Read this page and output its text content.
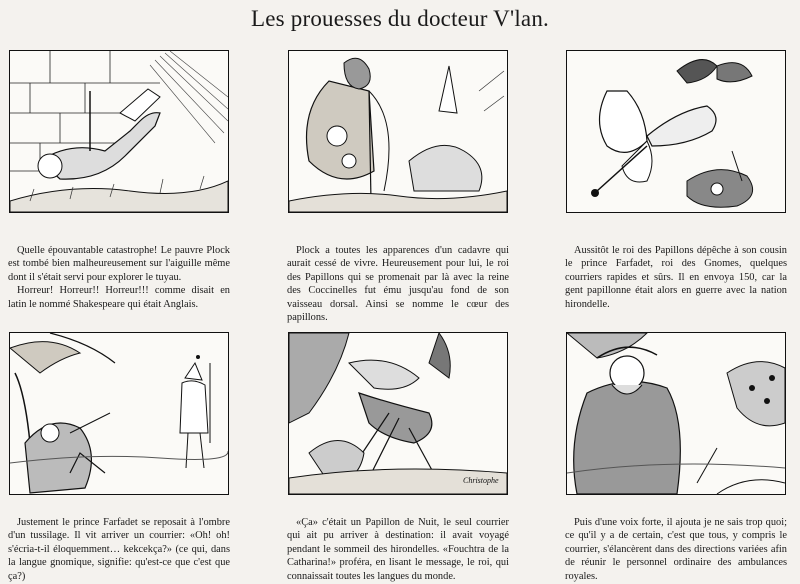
Les prouesses du docteur V'lan.
Christophe

Quelle épouvantable catastrophe! Le pauvre Plock est tombé bien malheureusement sur l'aiguille même dont il s'était servi pour explorer le tuyau.

Horreur! Horreur!! Horreur!!! comme disait en latin le nommé Shakespeare qui était Anglais.

Plock a toutes les apparences d'un cadavre qui aurait cessé de vivre. Heureusement pour lui, le roi des Papillons qui se promenait par là avec la reine des Coccinelles fut ému jusqu'au fond de son vaisseau dorsal. Ainsi se nomme le cœur des papillons.

Aussitôt le roi des Papillons dépêche à son cousin le prince Farfadet, roi des Gnomes, quelques courriers rapides et sûrs. Il en envoya 150, car la gent papillonne était alors en guerre avec la nation hirondelle.

Justement le prince Farfadet se reposait à l'ombre d'un tussilage. Il vit arriver un courrier: «Oh! oh! s'écria-t-il éloquemment… kekcekça?» (ce qui, dans la langue gnomique, signifie: qu'est-ce que c'est que ça?)

«Ça» c'était un Papillon de Nuit, le seul courrier qui ait pu arriver à destination: il avait voyagé pendant le sommeil des hirondelles. «Fouchtra de la Catharina!» proféra, en lisant le message, le roi, qui connaissait toutes les langues du monde.

Puis d'une voix forte, il ajouta je ne sais trop quoi; ce qu'il y a de certain, c'est que tous, y compris le courrier, s'élancèrent dans des directions variées afin de réunir le personnel ordinaire des ambulances royales.
